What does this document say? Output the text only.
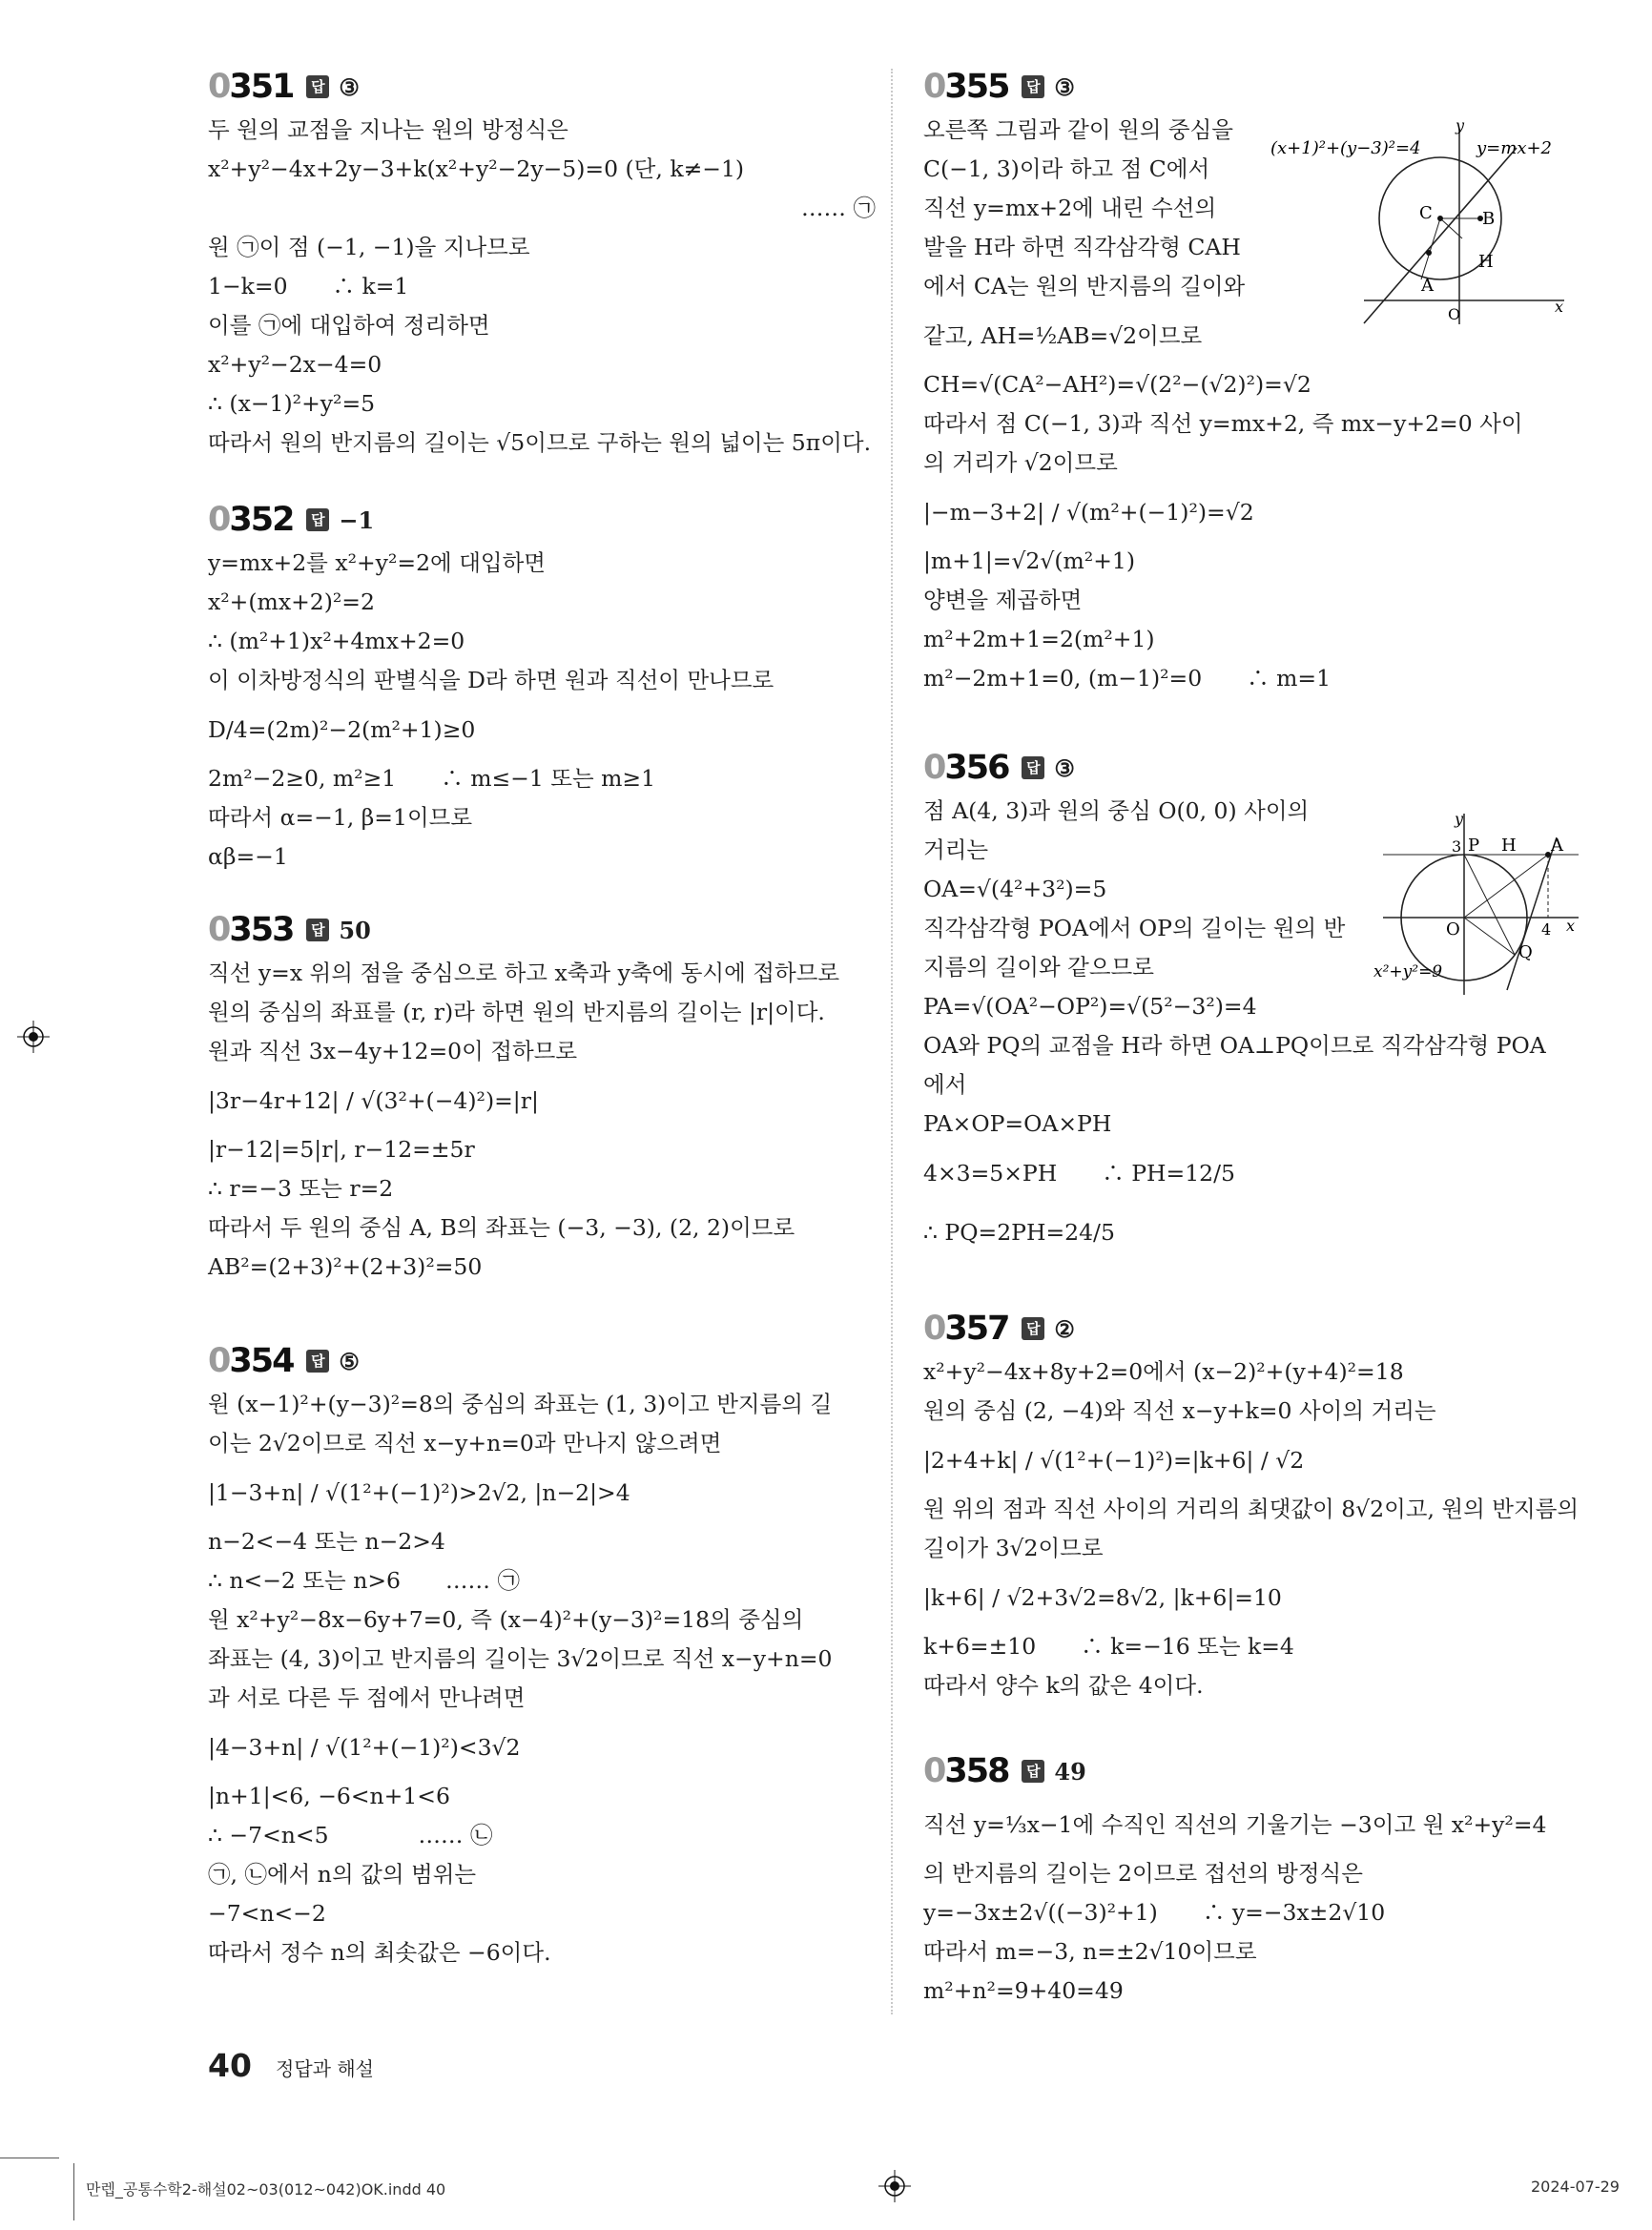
0351	답 ③
두 원의 교점을 지나는 원의 방정식은
x²+y²−4x+2y−3+k(x²+y²−2y−5)=0 (단, k≠−1)
…… ㉠
원 ㉠이 점 (−1, −1)을 지나므로
1−k=0　　∴ k=1
이를 ㉠에 대입하여 정리하면
x²+y²−2x−4=0
∴ (x−1)²+y²=5
따라서 원의 반지름의 길이는 √5이므로 구하는 원의 넓이는 5π이다.
0352	답 −1
y=mx+2를 x²+y²=2에 대입하면
x²+(mx+2)²=2
∴ (m²+1)x²+4mx+2=0
이 이차방정식의 판별식을 D라 하면 원과 직선이 만나므로
D/4=(2m)²−2(m²+1)≥0
2m²−2≥0, m²≥1　　∴ m≤−1 또는 m≥1
따라서 α=−1, β=1이므로
αβ=−1
0353	답 50
직선 y=x 위의 점을 중심으로 하고 x축과 y축에 동시에 접하므로
원의 중심의 좌표를 (r, r)라 하면 원의 반지름의 길이는 |r|이다.
원과 직선 3x−4y+12=0이 접하므로
|3r−4r+12| / √(3²+(−4)²)=|r|
|r−12|=5|r|, r−12=±5r
∴ r=−3 또는 r=2
따라서 두 원의 중심 A, B의 좌표는 (−3, −3), (2, 2)이므로
AB²=(2+3)²+(2+3)²=50
0354	답 ⑤
원 (x−1)²+(y−3)²=8의 중심의 좌표는 (1, 3)이고 반지름의 길
이는 2√2이므로 직선 x−y+n=0과 만나지 않으려면
|1−3+n| / √(1²+(−1)²)>2√2, |n−2|>4
n−2<−4 또는 n−2>4
∴ n<−2 또는 n>6　　…… ㉠
원 x²+y²−8x−6y+7=0, 즉 (x−4)²+(y−3)²=18의 중심의
좌표는 (4, 3)이고 반지름의 길이는 3√2이므로 직선 x−y+n=0
과 서로 다른 두 점에서 만나려면
|4−3+n| / √(1²+(−1)²)<3√2
|n+1|<6, −6<n+1<6
∴ −7<n<5　　　　…… ㉡
㉠, ㉡에서 n의 값의 범위는
−7<n<−2
따라서 정수 n의 최솟값은 −6이다.
0355	답 ③
오른쪽 그림과 같이 원의 중심을
C(−1, 3)이라 하고 점 C에서
직선 y=mx+2에 내린 수선의
발을 H라 하면 직각삼각형 CAH
에서 CA는 원의 반지름의 길이와
같고, AH=½AB=√2이므로
CH=√(CA²−AH²)=√(2²−(√2)²)=√2
따라서 점 C(−1, 3)과 직선 y=mx+2, 즉 mx−y+2=0 사이
의 거리가 √2이므로
|−m−3+2| / √(m²+(−1)²)=√2
|m+1|=√2√(m²+1)
양변을 제곱하면
m²+2m+1=2(m²+1)
m²−2m+1=0, (m−1)²=0　　∴ m=1
(x+1)²+(y−3)²=4	y=mx+2
y
x
O
C	B
H
A
0356	답 ③
점 A(4, 3)과 원의 중심 O(0, 0) 사이의
거리는
OA=√(4²+3²)=5
직각삼각형 POA에서 OP의 길이는 원의 반
지름의 길이와 같으므로
PA=√(OA²−OP²)=√(5²−3²)=4
OA와 PQ의 교점을 H라 하면 OA⊥PQ이므로 직각삼각형 POA
에서
PA×OP=OA×PH
4×3=5×PH　　∴ PH=12/5
∴ PQ=2PH=24/5
y
x
3 P H A
O	4
Q
x²+y²=9
0357	답 ②
x²+y²−4x+8y+2=0에서 (x−2)²+(y+4)²=18
원의 중심 (2, −4)와 직선 x−y+k=0 사이의 거리는
|2+4+k| / √(1²+(−1)²)=|k+6| / √2
원 위의 점과 직선 사이의 거리의 최댓값이 8√2이고, 원의 반지름의
길이가 3√2이므로
|k+6| / √2+3√2=8√2, |k+6|=10
k+6=±10　　∴ k=−16 또는 k=4
따라서 양수 k의 값은 4이다.
0358	답 49
직선 y=⅓x−1에 수직인 직선의 기울기는 −3이고 원 x²+y²=4
의 반지름의 길이는 2이므로 접선의 방정식은
y=−3x±2√((−3)²+1)　　∴ y=−3x±2√10
따라서 m=−3, n=±2√10이므로
m²+n²=9+40=49
40 정답과 해설
만렙_공통수학2-해설02~03(012~042)OK.indd 40	2024-07-29
